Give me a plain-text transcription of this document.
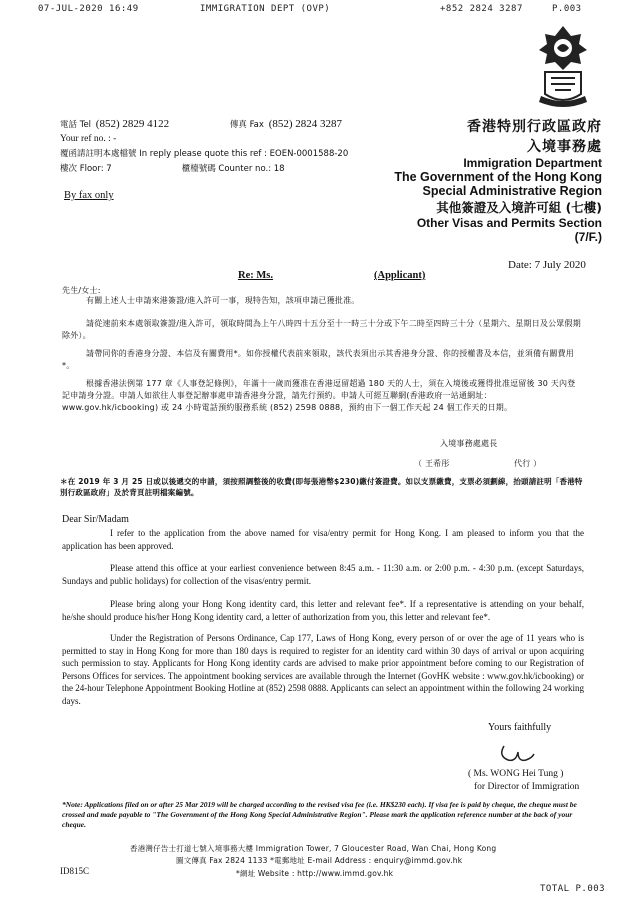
07-JUL-2020 16:49	IMMIGRATION DEPT (OVP)	+852 2824 3287	P.003
電話 Tel (852) 2829 4122	傳真 Fax (852) 2824 3287
Your ref no. : -
覆函請註明本處檔號 In reply please quote this ref : EOEN-0001588-20
樓次 Floor: 7	櫃檯號碼 Counter no.: 18
By fax only
香港特別行政區政府
入境事務處
Immigration Department
The Government of the Hong Kong
Special Administrative Region
其他簽證及入境許可組 (七樓)
Other Visas and Permits Section
(7/F.)
Date: 7 July 2020
Re: Ms.	(Applicant)
先生/女士:
有關上述人士申請來港簽證/進入許可一事，現特告知，該項申請已獲批准。
請從速前來本處領取簽證/進入許可，領取時間為上午八時四十五分至十一時三十分或下午二時至四時三十分（星期六、星期日及公眾假期除外）。
請帶同你的香港身分證、本信及有關費用*。如你授權代表前來領取，該代表須出示其香港身分證、你的授權書及本信，並須備有關費用*。
根據香港法例第 177 章《人事登記條例》，年滿十一歲而獲准在香港逗留超過 180 天的人士，須在入境後或獲得批准逗留後 30 天內登記申請身分證。申請人如欲往人事登記辦事處申請香港身分證，請先行預約。申請人可經互聯網(香港政府一站通網址：www.gov.hk/icbooking) 或 24 小時電話預約服務系統 (852) 2598 0888，預約由下一個工作天起 24 個工作天的日期。
入境事務處處長
（ 王希彤	代行 ）
＊在 2019 年 3 月 25 日或以後遞交的申請，須按照調整後的收費(即每張港幣$230)繳付簽證費。如以支票繳費，支票必須劃線，抬頭請註明「香港特別行政區政府」及於背頁註明檔案編號。
Dear Sir/Madam
I refer to the application from the above named for visa/entry permit for Hong Kong. I am pleased to inform you that the application has been approved.
Please attend this office at your earliest convenience between 8:45 a.m. - 11:30 a.m. or 2:00 p.m. - 4:30 p.m. (except Saturdays, Sundays and public holidays) for collection of the visas/entry permit.
Please bring along your Hong Kong identity card, this letter and relevant fee*. If a representative is attending on your behalf, he/she should produce his/her Hong Kong identity card, a letter of authorization from you, this letter and relevant fee*.
Under the Registration of Persons Ordinance, Cap 177, Laws of Hong Kong, every person of or over the age of 11 years who is permitted to stay in Hong Kong for more than 180 days is required to register for an identity card within 30 days of arrival or upon acquiring such permission to stay. Applicants for Hong Kong identity cards are advised to make prior appointment before coming to our Registration of Persons Offices for services. The appointment booking services are available through the Internet (GovHK website : www.gov.hk/icbooking) or the 24-hour Telephone Appointment Booking Hotline at (852) 2598 0888. Applicants can select an appointment within the following 24 working days.
Yours faithfully
( Ms. WONG Hei Tung )
for Director of Immigration
*Note: Applications filed on or after 25 Mar 2019 will be charged according to the revised visa fee (i.e. HK$230 each). If visa fee is paid by cheque, the cheque must be crossed and made payable to "The Government of the Hong Kong Special Administrative Region". Please mark the application reference number at the back of your cheque.
香港灣仔告士打道七號入境事務大樓 Immigration Tower, 7 Gloucester Road, Wan Chai, Hong Kong
圖文傳真 Fax 2824 1133 *電郵地址 E-mail Address : enquiry@immd.gov.hk
*網址 Website : http://www.immd.gov.hk
ID815C
TOTAL P.003
